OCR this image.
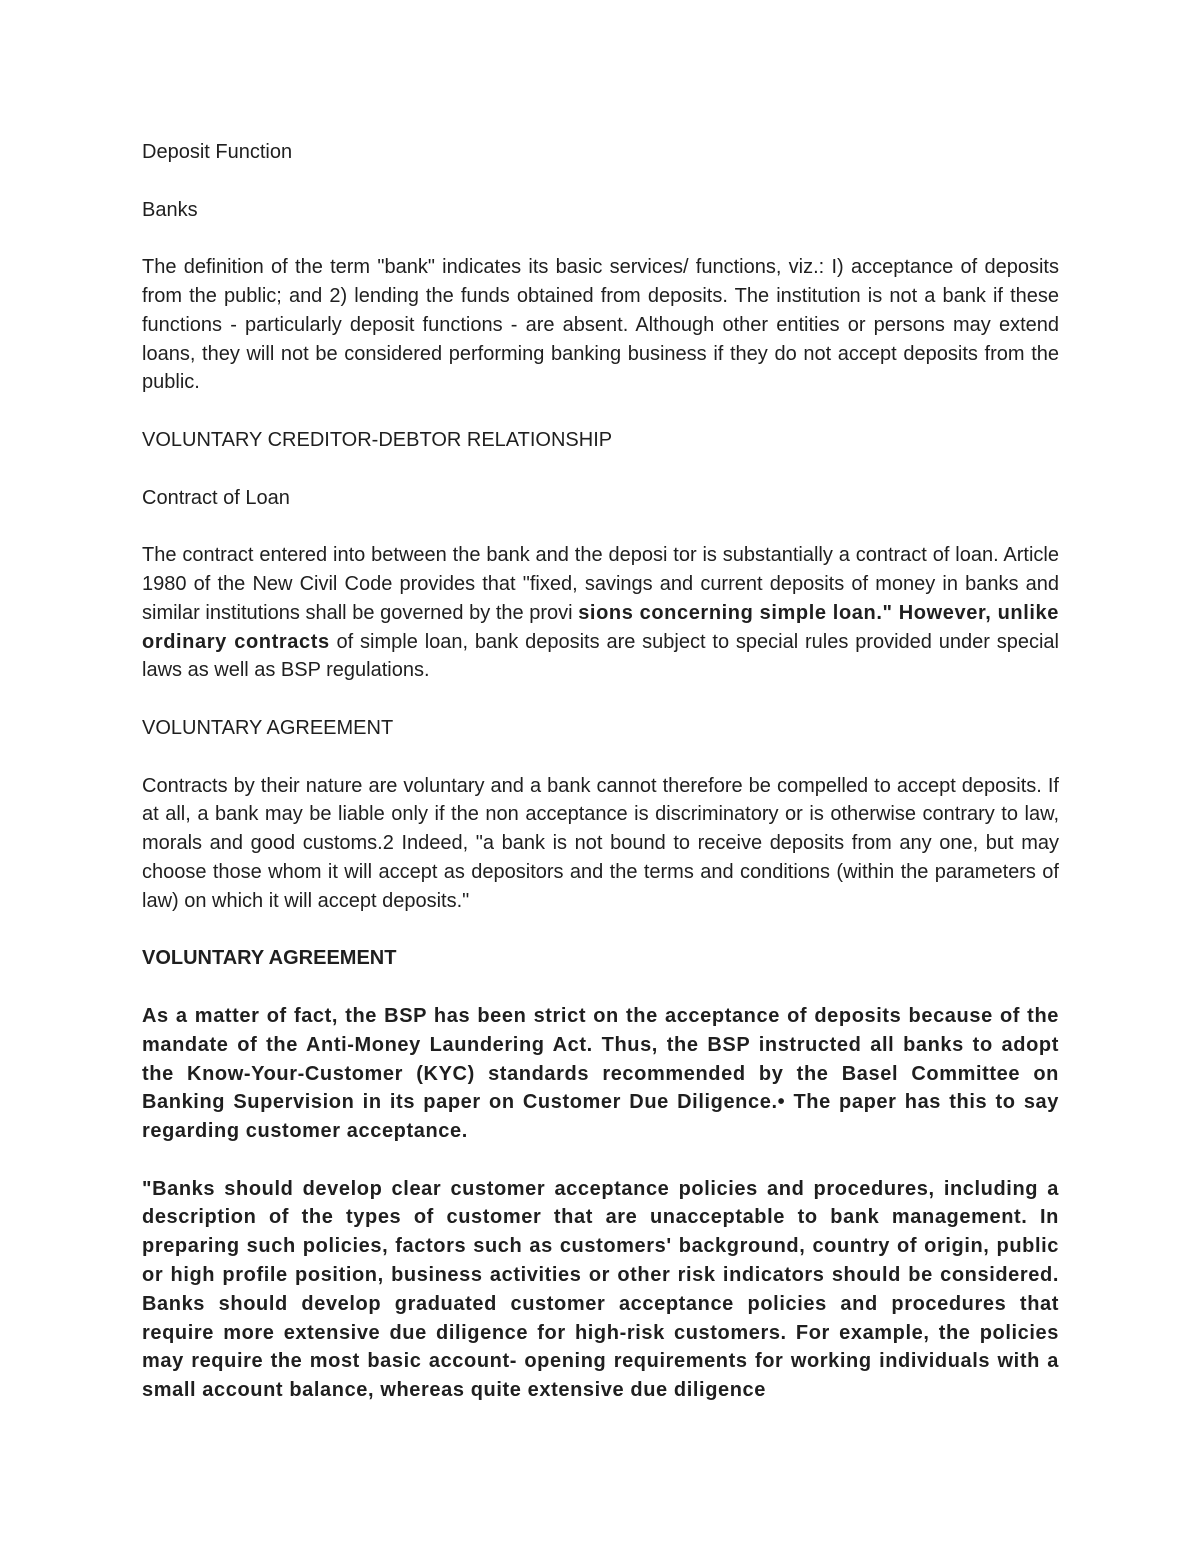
Deposit Function

Banks

The definition of the term "bank" indicates its basic services/ functions, viz.: I) acceptance of deposits from the public; and 2) lending the funds obtained from deposits. The institution is not a bank if these functions - particularly deposit functions - are absent. Although other entities or persons may extend loans, they will not be considered performing banking business if they do not accept deposits from the public.

VOLUNTARY CREDITOR-DEBTOR RELATIONSHIP

Contract of Loan

The contract entered into between the bank and the deposi tor is substantially a contract of loan. Article 1980 of the New Civil Code provides that "fixed, savings and current deposits of money in banks and similar institutions shall be governed by the provi sions concerning simple loan." However, unlike ordinary contracts of simple loan, bank deposits are subject to special rules provided under special laws as well as BSP regulations.

VOLUNTARY AGREEMENT

Contracts by their nature are voluntary and a bank cannot therefore be compelled to accept deposits. If at all, a bank may be liable only if the non acceptance is discriminatory or is otherwise contrary to law, morals and good customs.2 Indeed, "a bank is not bound to receive deposits from any one, but may choose those whom it will accept as depositors and the terms and conditions (within the parameters of law) on which it will accept deposits."

VOLUNTARY AGREEMENT

As a matter of fact, the BSP has been strict on the acceptance of deposits because of the mandate of the Anti-Money Laundering Act. Thus, the BSP instructed all banks to adopt the Know-Your-Customer (KYC) standards recommended by the Basel Committee on Banking Supervision in its paper on Customer Due Diligence.• The paper has this to say regarding customer acceptance.

"Banks should develop clear customer acceptance policies and procedures, including a description of the types of customer that are unacceptable to bank management. In preparing such policies, factors such as customers' background, country of origin, public or high profile position, business activities or other risk indicators should be considered. Banks should develop graduated customer acceptance policies and procedures that require more extensive due diligence for high-risk customers. For example, the policies may require the most basic account- opening requirements for working individuals with a small account balance, whereas quite extensive due diligence
